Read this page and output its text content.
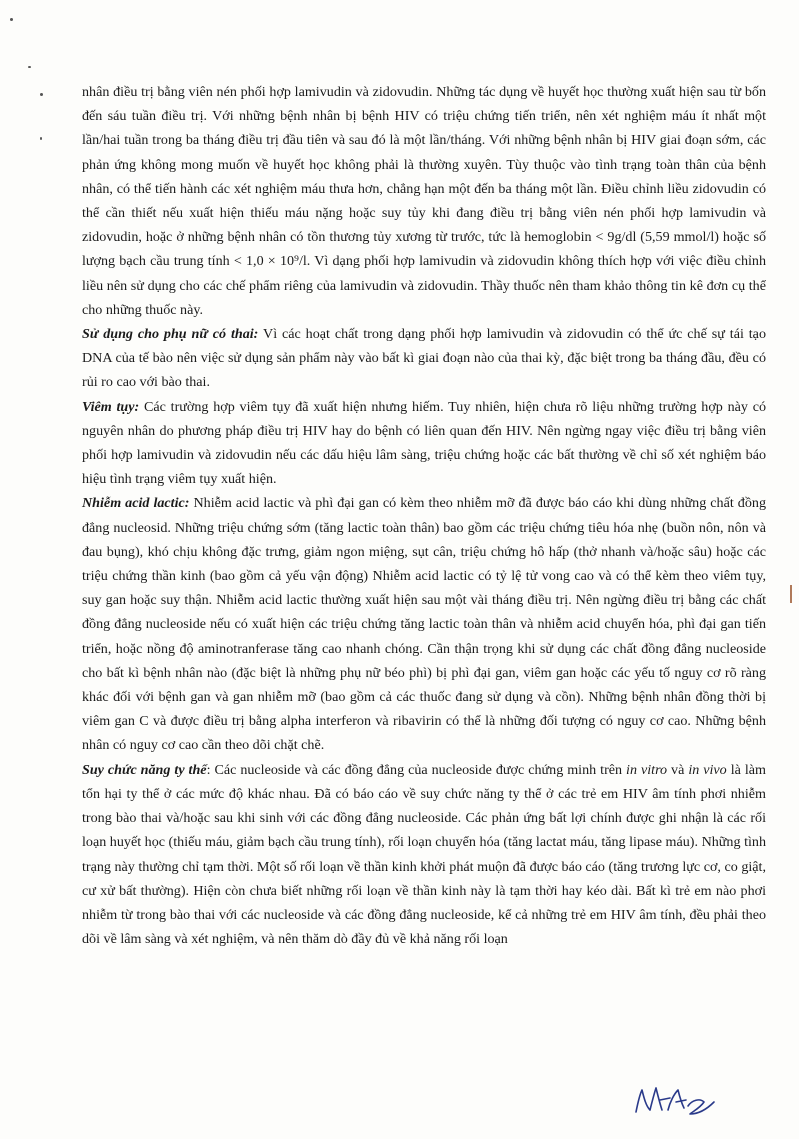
nhân điều trị bằng viên nén phối hợp lamivudin và zidovudin. Những tác dụng về huyết học thường xuất hiện sau từ bốn đến sáu tuần điều trị. Với những bệnh nhân bị bệnh HIV có triệu chứng tiến triển, nên xét nghiệm máu ít nhất một lần/hai tuần trong ba tháng điều trị đầu tiên và sau đó là một lần/tháng. Với những bệnh nhân bị HIV giai đoạn sớm, các phản ứng không mong muốn về huyết học không phải là thường xuyên. Tùy thuộc vào tình trạng toàn thân của bệnh nhân, có thể tiến hành các xét nghiệm máu thưa hơn, chẳng hạn một đến ba tháng một lần. Điều chỉnh liều zidovudin có thể cần thiết nếu xuất hiện thiếu máu nặng hoặc suy tủy khi đang điều trị bằng viên nén phối hợp lamivudin và zidovudin, hoặc ở những bệnh nhân có tồn thương tủy xương từ trước, tức là hemoglobin < 9g/dl (5,59 mmol/l) hoặc số lượng bạch cầu trung tính < 1,0 × 10⁹/l. Vì dạng phối hợp lamivudin và zidovudin không thích hợp với việc điều chỉnh liều nên sử dụng cho các chế phẩm riêng của lamivudin và zidovudin. Thầy thuốc nên tham khảo thông tin kê đơn cụ thể cho những thuốc này.

Sử dụng cho phụ nữ có thai: Vì các hoạt chất trong dạng phối hợp lamivudin và zidovudin có thể ức chế sự tái tạo DNA của tế bào nên việc sử dụng sản phẩm này vào bất kì giai đoạn nào của thai kỳ, đặc biệt trong ba tháng đầu, đều có rủi ro cao với bào thai.

Viêm tụy: Các trường hợp viêm tụy đã xuất hiện nhưng hiếm. Tuy nhiên, hiện chưa rõ liệu những trường hợp này có nguyên nhân do phương pháp điều trị HIV hay do bệnh có liên quan đến HIV. Nên ngừng ngay việc điều trị bằng viên phối hợp lamivudin và zidovudin nếu các dấu hiệu lâm sàng, triệu chứng hoặc các bất thường về chỉ số xét nghiệm báo hiệu tình trạng viêm tụy xuất hiện.

Nhiễm acid lactic: Nhiễm acid lactic và phì đại gan có kèm theo nhiễm mỡ đã được báo cáo khi dùng những chất đồng đẳng nucleosid. Những triệu chứng sớm (tăng lactic toàn thân) bao gồm các triệu chứng tiêu hóa nhẹ (buồn nôn, nôn và đau bụng), khó chịu không đặc trưng, giảm ngon miệng, sụt cân, triệu chứng hô hấp (thở nhanh và/hoặc sâu) hoặc các triệu chứng thần kinh (bao gồm cả yếu vận động) Nhiễm acid lactic có tỷ lệ tử vong cao và có thể kèm theo viêm tụy, suy gan hoặc suy thận. Nhiễm acid lactic thường xuất hiện sau một vài tháng điều trị. Nên ngừng điều trị bằng các chất đồng đẳng nucleoside nếu có xuất hiện các triệu chứng tăng lactic toàn thân và nhiễm acid chuyển hóa, phì đại gan tiến triển, hoặc nồng độ aminotranferase tăng cao nhanh chóng. Cần thận trọng khi sử dụng các chất đồng đẳng nucleoside cho bất kì bệnh nhân nào (đặc biệt là những phụ nữ béo phì) bị phì đại gan, viêm gan hoặc các yếu tố nguy cơ rõ ràng khác đối với bệnh gan và gan nhiễm mỡ (bao gồm cả các thuốc đang sử dụng và cồn). Những bệnh nhân đồng thời bị viêm gan C và được điều trị bằng alpha interferon và ribavirin có thể là những đối tượng có nguy cơ cao. Những bệnh nhân có nguy cơ cao cần theo dõi chặt chẽ.

Suy chức năng ty thể: Các nucleoside và các đồng đẳng của nucleoside được chứng minh trên in vitro và in vivo là làm tổn hại ty thể ở các mức độ khác nhau. Đã có báo cáo về suy chức năng ty thể ở các trẻ em HIV âm tính phơi nhiễm trong bào thai và/hoặc sau khi sinh với các đồng đẳng nucleoside. Các phản ứng bất lợi chính được ghi nhận là các rối loạn huyết học (thiếu máu, giảm bạch cầu trung tính), rối loạn chuyển hóa (tăng lactat máu, tăng lipase máu). Những tình trạng này thường chỉ tạm thời. Một số rối loạn về thần kinh khởi phát muộn đã được báo cáo (tăng trương lực cơ, co giật, cư xử bất thường). Hiện còn chưa biết những rối loạn về thần kinh này là tạm thời hay kéo dài. Bất kì trẻ em nào phơi nhiễm từ trong bào thai với các nucleoside và các đồng đẳng nucleoside, kể cả những trẻ em HIV âm tính, đều phải theo dõi về lâm sàng và xét nghiệm, và nên thăm dò đầy đủ về khả năng rối loạn
